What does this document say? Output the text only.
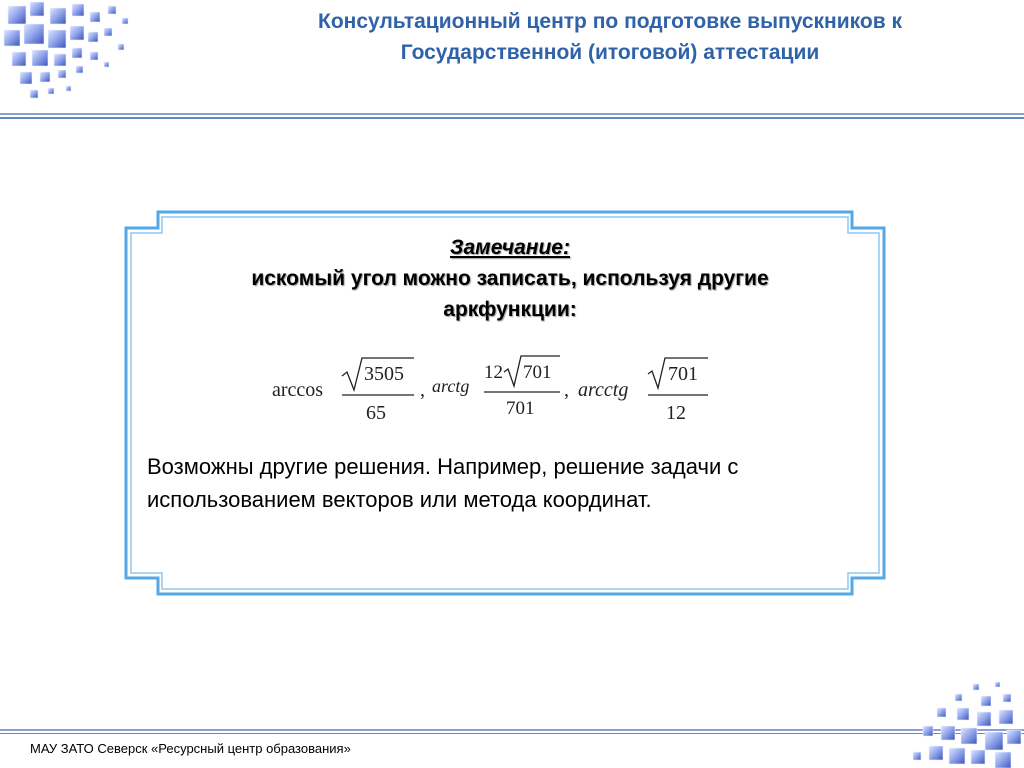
Консультационный центр по подготовке выпускников к
Государственной (итоговой) аттестации
Замечание:
искомый угол можно записать, используя другие
аркфункции:
arccos
3505
65
, arctg
12 701
701
, arcctg
701
12
Возможны другие решения. Например, решение задачи с использованием векторов или метода координат.
МАУ ЗАТО Северск «Ресурсный центр образования»
